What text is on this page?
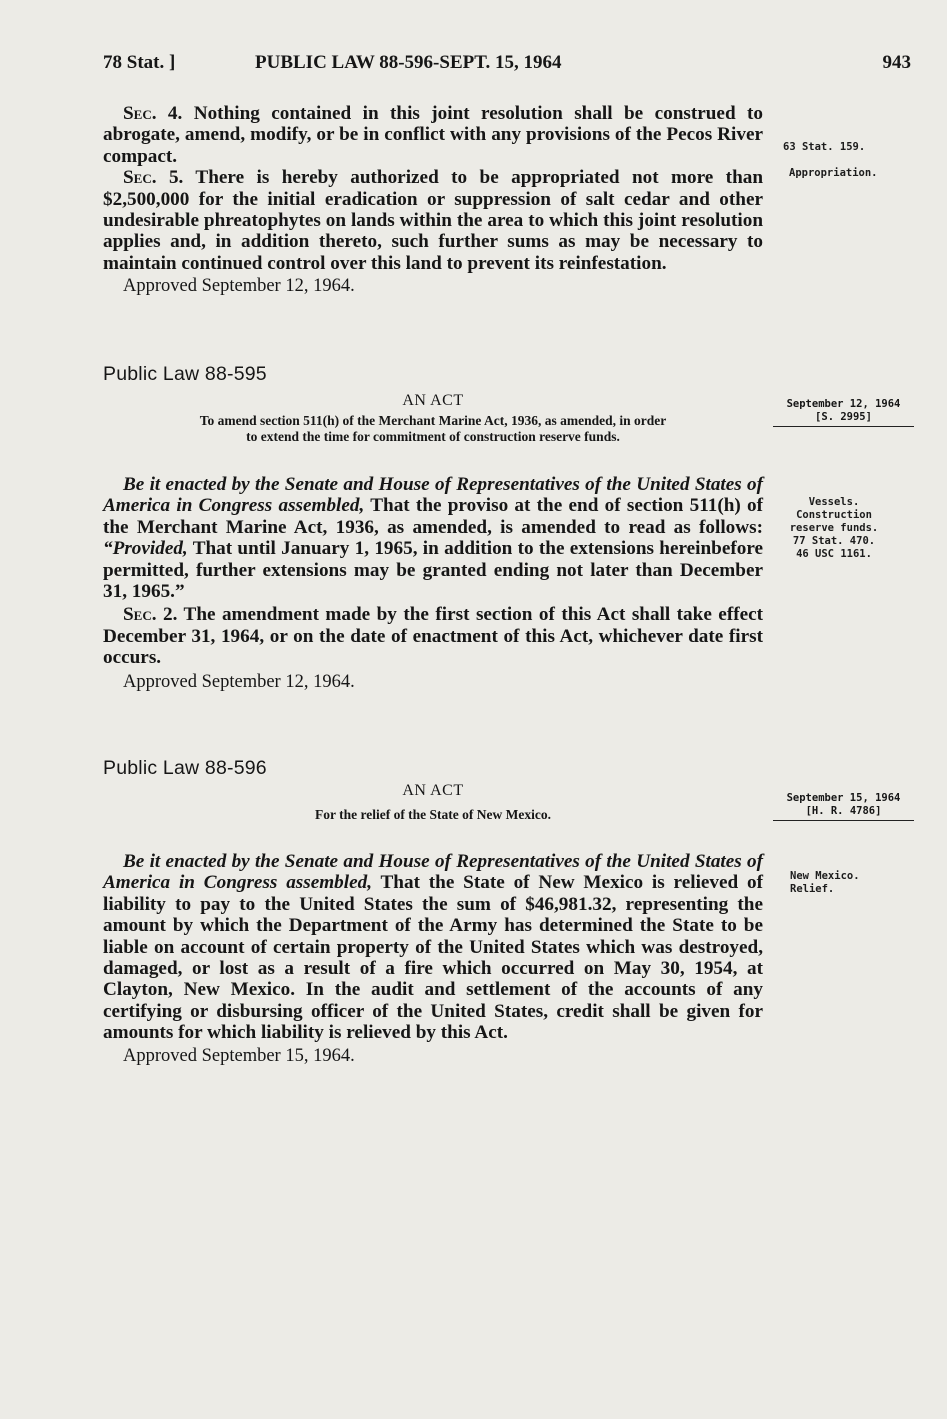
78 Stat. ]	PUBLIC LAW 88-596-SEPT. 15, 1964	943

Sec. 4. Nothing contained in this joint resolution shall be construed to abrogate, amend, modify, or be in conflict with any provisions of the Pecos River compact.

Sec. 5. There is hereby authorized to be appropriated not more than $2,500,000 for the initial eradication or suppression of salt cedar and other undesirable phreatophytes on lands within the area to which this joint resolution applies and, in addition thereto, such further sums as may be necessary to maintain continued control over this land to prevent its reinfestation.

Approved September 12, 1964.

63 Stat. 159.
Appropriation.
Public Law 88-595
AN ACT
To amend section 511(h) of the Merchant Marine Act, 1936, as amended, in order
to extend the time for commitment of construction reserve funds.
September 12, 1964
[S. 2995]

Be it enacted by the Senate and House of Representatives of the United States of America in Congress assembled, That the proviso at the end of section 511(h) of the Merchant Marine Act, 1936, as amended, is amended to read as follows: “Provided, That until January 1, 1965, in addition to the extensions hereinbefore permitted, further extensions may be granted ending not later than December 31, 1965.”

Sec. 2. The amendment made by the first section of this Act shall take effect December 31, 1964, or on the date of enactment of this Act, whichever date first occurs.

Approved September 12, 1964.

Vessels.
Construction
reserve funds.
77 Stat. 470.
46 USC 1161.
Public Law 88-596
AN ACT
For the relief of the State of New Mexico.
September 15, 1964
[H. R. 4786]

Be it enacted by the Senate and House of Representatives of the United States of America in Congress assembled, That the State of New Mexico is relieved of liability to pay to the United States the sum of $46,981.32, representing the amount by which the Department of the Army has determined the State to be liable on account of certain property of the United States which was destroyed, damaged, or lost as a result of a fire which occurred on May 30, 1954, at Clayton, New Mexico. In the audit and settlement of the accounts of any certifying or disbursing officer of the United States, credit shall be given for amounts for which liability is relieved by this Act.

Approved September 15, 1964.

New Mexico.
Relief.
